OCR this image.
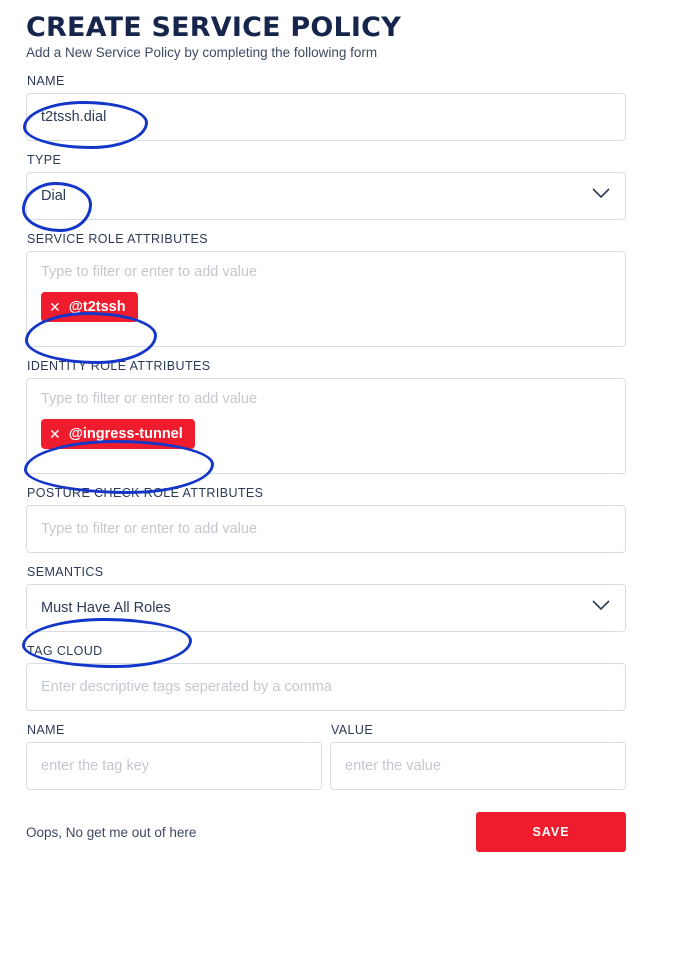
CREATE SERVICE POLICY
Add a New Service Policy by completing the following form
NAME
t2tssh.dial
TYPE
Dial
SERVICE ROLE ATTRIBUTES
Type to filter or enter to add value
✕ @t2tssh
IDENTITY ROLE ATTRIBUTES
Type to filter or enter to add value
✕ @ingress-tunnel
POSTURE CHECK ROLE ATTRIBUTES
Type to filter or enter to add value
SEMANTICS
Must Have All Roles
TAG CLOUD
Enter descriptive tags seperated by a comma
NAME
enter the tag key
VALUE
enter the value
Oops, No get me out of here	SAVE
